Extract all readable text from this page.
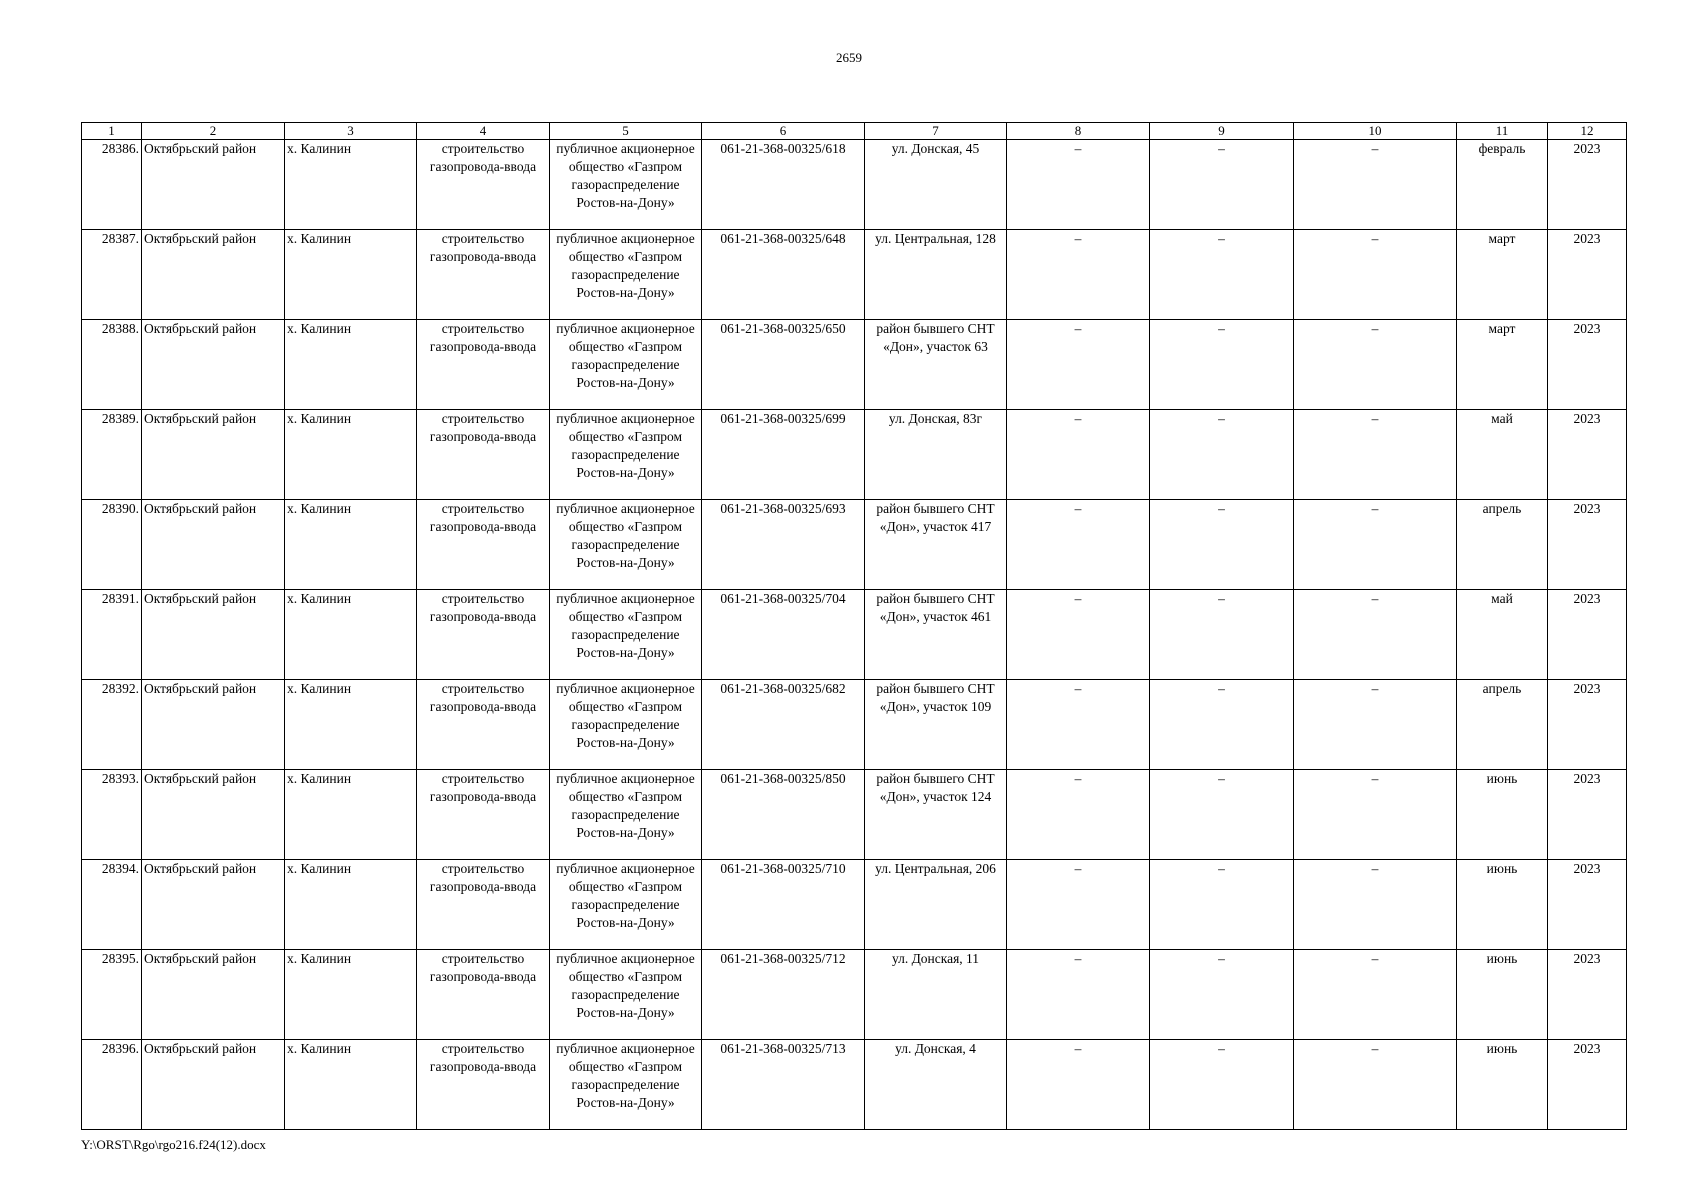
2659
1	2	3	4	5	6	7	8	9	10	11	12
28386.	Октябрьский район	х. Калинин	строительство газопровода-ввода	публичное акционерное общество «Газпром газораспределение Ростов-на-Дону»	061-21-368-00325/618	ул. Донская, 45	–	–	–	февраль	2023
28387.	Октябрьский район	х. Калинин	строительство газопровода-ввода	публичное акционерное общество «Газпром газораспределение Ростов-на-Дону»	061-21-368-00325/648	ул. Центральная, 128	–	–	–	март	2023
28388.	Октябрьский район	х. Калинин	строительство газопровода-ввода	публичное акционерное общество «Газпром газораспределение Ростов-на-Дону»	061-21-368-00325/650	район бывшего СНТ «Дон», участок 63	–	–	–	март	2023
28389.	Октябрьский район	х. Калинин	строительство газопровода-ввода	публичное акционерное общество «Газпром газораспределение Ростов-на-Дону»	061-21-368-00325/699	ул. Донская, 83г	–	–	–	май	2023
28390.	Октябрьский район	х. Калинин	строительство газопровода-ввода	публичное акционерное общество «Газпром газораспределение Ростов-на-Дону»	061-21-368-00325/693	район бывшего СНТ «Дон», участок 417	–	–	–	апрель	2023
28391.	Октябрьский район	х. Калинин	строительство газопровода-ввода	публичное акционерное общество «Газпром газораспределение Ростов-на-Дону»	061-21-368-00325/704	район бывшего СНТ «Дон», участок 461	–	–	–	май	2023
28392.	Октябрьский район	х. Калинин	строительство газопровода-ввода	публичное акционерное общество «Газпром газораспределение Ростов-на-Дону»	061-21-368-00325/682	район бывшего СНТ «Дон», участок 109	–	–	–	апрель	2023
28393.	Октябрьский район	х. Калинин	строительство газопровода-ввода	публичное акционерное общество «Газпром газораспределение Ростов-на-Дону»	061-21-368-00325/850	район бывшего СНТ «Дон», участок 124	–	–	–	июнь	2023
28394.	Октябрьский район	х. Калинин	строительство газопровода-ввода	публичное акционерное общество «Газпром газораспределение Ростов-на-Дону»	061-21-368-00325/710	ул. Центральная, 206	–	–	–	июнь	2023
28395.	Октябрьский район	х. Калинин	строительство газопровода-ввода	публичное акционерное общество «Газпром газораспределение Ростов-на-Дону»	061-21-368-00325/712	ул. Донская, 11	–	–	–	июнь	2023
28396.	Октябрьский район	х. Калинин	строительство газопровода-ввода	публичное акционерное общество «Газпром газораспределение Ростов-на-Дону»	061-21-368-00325/713	ул. Донская, 4	–	–	–	июнь	2023
Y:\ORST\Rgo\rgo216.f24(12).docx
